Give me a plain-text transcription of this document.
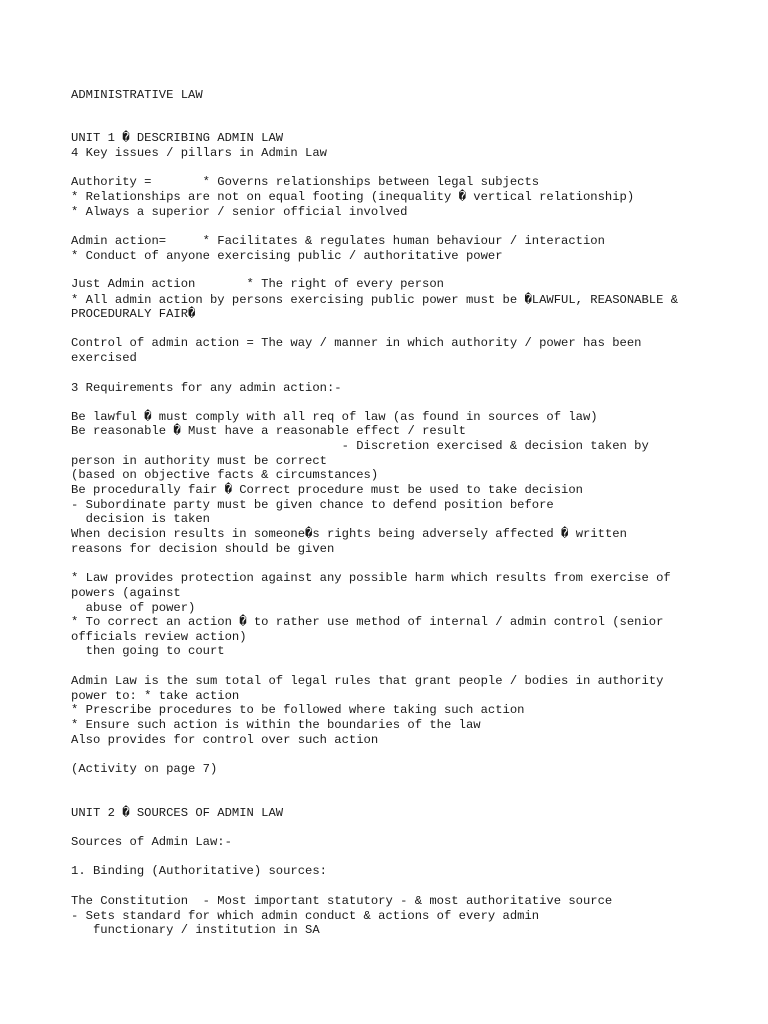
ADMINISTRATIVE LAW

UNIT 1 � DESCRIBING ADMIN LAW

4 Key issues / pillars in Admin Law

Authority =       * Governs relationships between legal subjects

* Relationships are not on equal footing (inequality � vertical relationship)

* Always a superior / senior official involved

Admin action=     * Facilitates & regulates human behaviour / interaction

* Conduct of anyone exercising public / authoritative power

Just Admin action       * The right of every person

* All admin action by persons exercising public power must be �LAWFUL, REASONABLE &

PROCEDURALY FAIR�

Control of admin action = The way / manner in which authority / power has been

exercised

3 Requirements for any admin action:-

Be lawful � must comply with all req of law (as found in sources of law)

Be reasonable � Must have a reasonable effect / result

- Discretion exercised & decision taken by

person in authority must be correct

(based on objective facts & circumstances)

Be procedurally fair � Correct procedure must be used to take decision

- Subordinate party must be given chance to defend position before

decision is taken

When decision results in someone�s rights being adversely affected � written

reasons for decision should be given

* Law provides protection against any possible harm which results from exercise of

powers (against

abuse of power)

* To correct an action � to rather use method of internal / admin control (senior

officials review action)

then going to court

Admin Law is the sum total of legal rules that grant people / bodies in authority

power to: * take action

* Prescribe procedures to be followed where taking such action

* Ensure such action is within the boundaries of the law

Also provides for control over such action

(Activity on page 7)

UNIT 2 � SOURCES OF ADMIN LAW

Sources of Admin Law:-

1. Binding (Authoritative) sources:

The Constitution  - Most important statutory - & most authoritative source

- Sets standard for which admin conduct & actions of every admin

functionary / institution in SA
